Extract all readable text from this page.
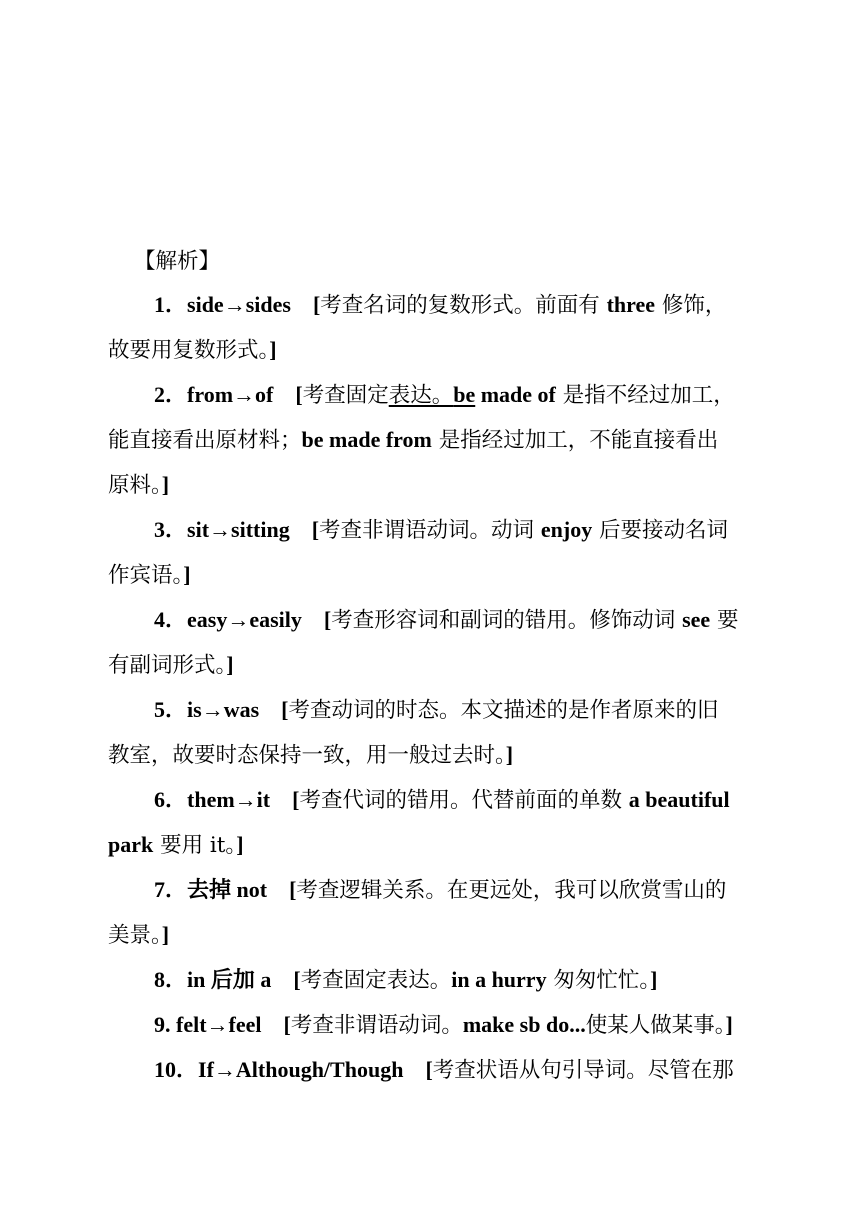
【解析】
1．side→sides [考查名词的复数形式。前面有 three 修饰，
故要用复数形式。]
2．from→of [考查固定表达。be made of 是指不经过加工，
能直接看出原材料；be made from 是指经过加工，不能直接看出
原料。]
3．sit→sitting [考查非谓语动词。动词 enjoy 后要接动名词
作宾语。]
4．easy→easily [考查形容词和副词的错用。修饰动词 see 要
有副词形式。]
5．is→was [考查动词的时态。本文描述的是作者原来的旧
教室，故要时态保持一致，用一般过去时。]
6．them→it [考查代词的错用。代替前面的单数 a beautiful
park 要用 it。]
7．去掉 not [考查逻辑关系。在更远处，我可以欣赏雪山的
美景。]
8．in 后加 a [考查固定表达。in a hurry 匆匆忙忙。]
9. felt→feel [考查非谓语动词。make sb do...使某人做某事。]
10．If→Although/Though [考查状语从句引导词。尽管在那
